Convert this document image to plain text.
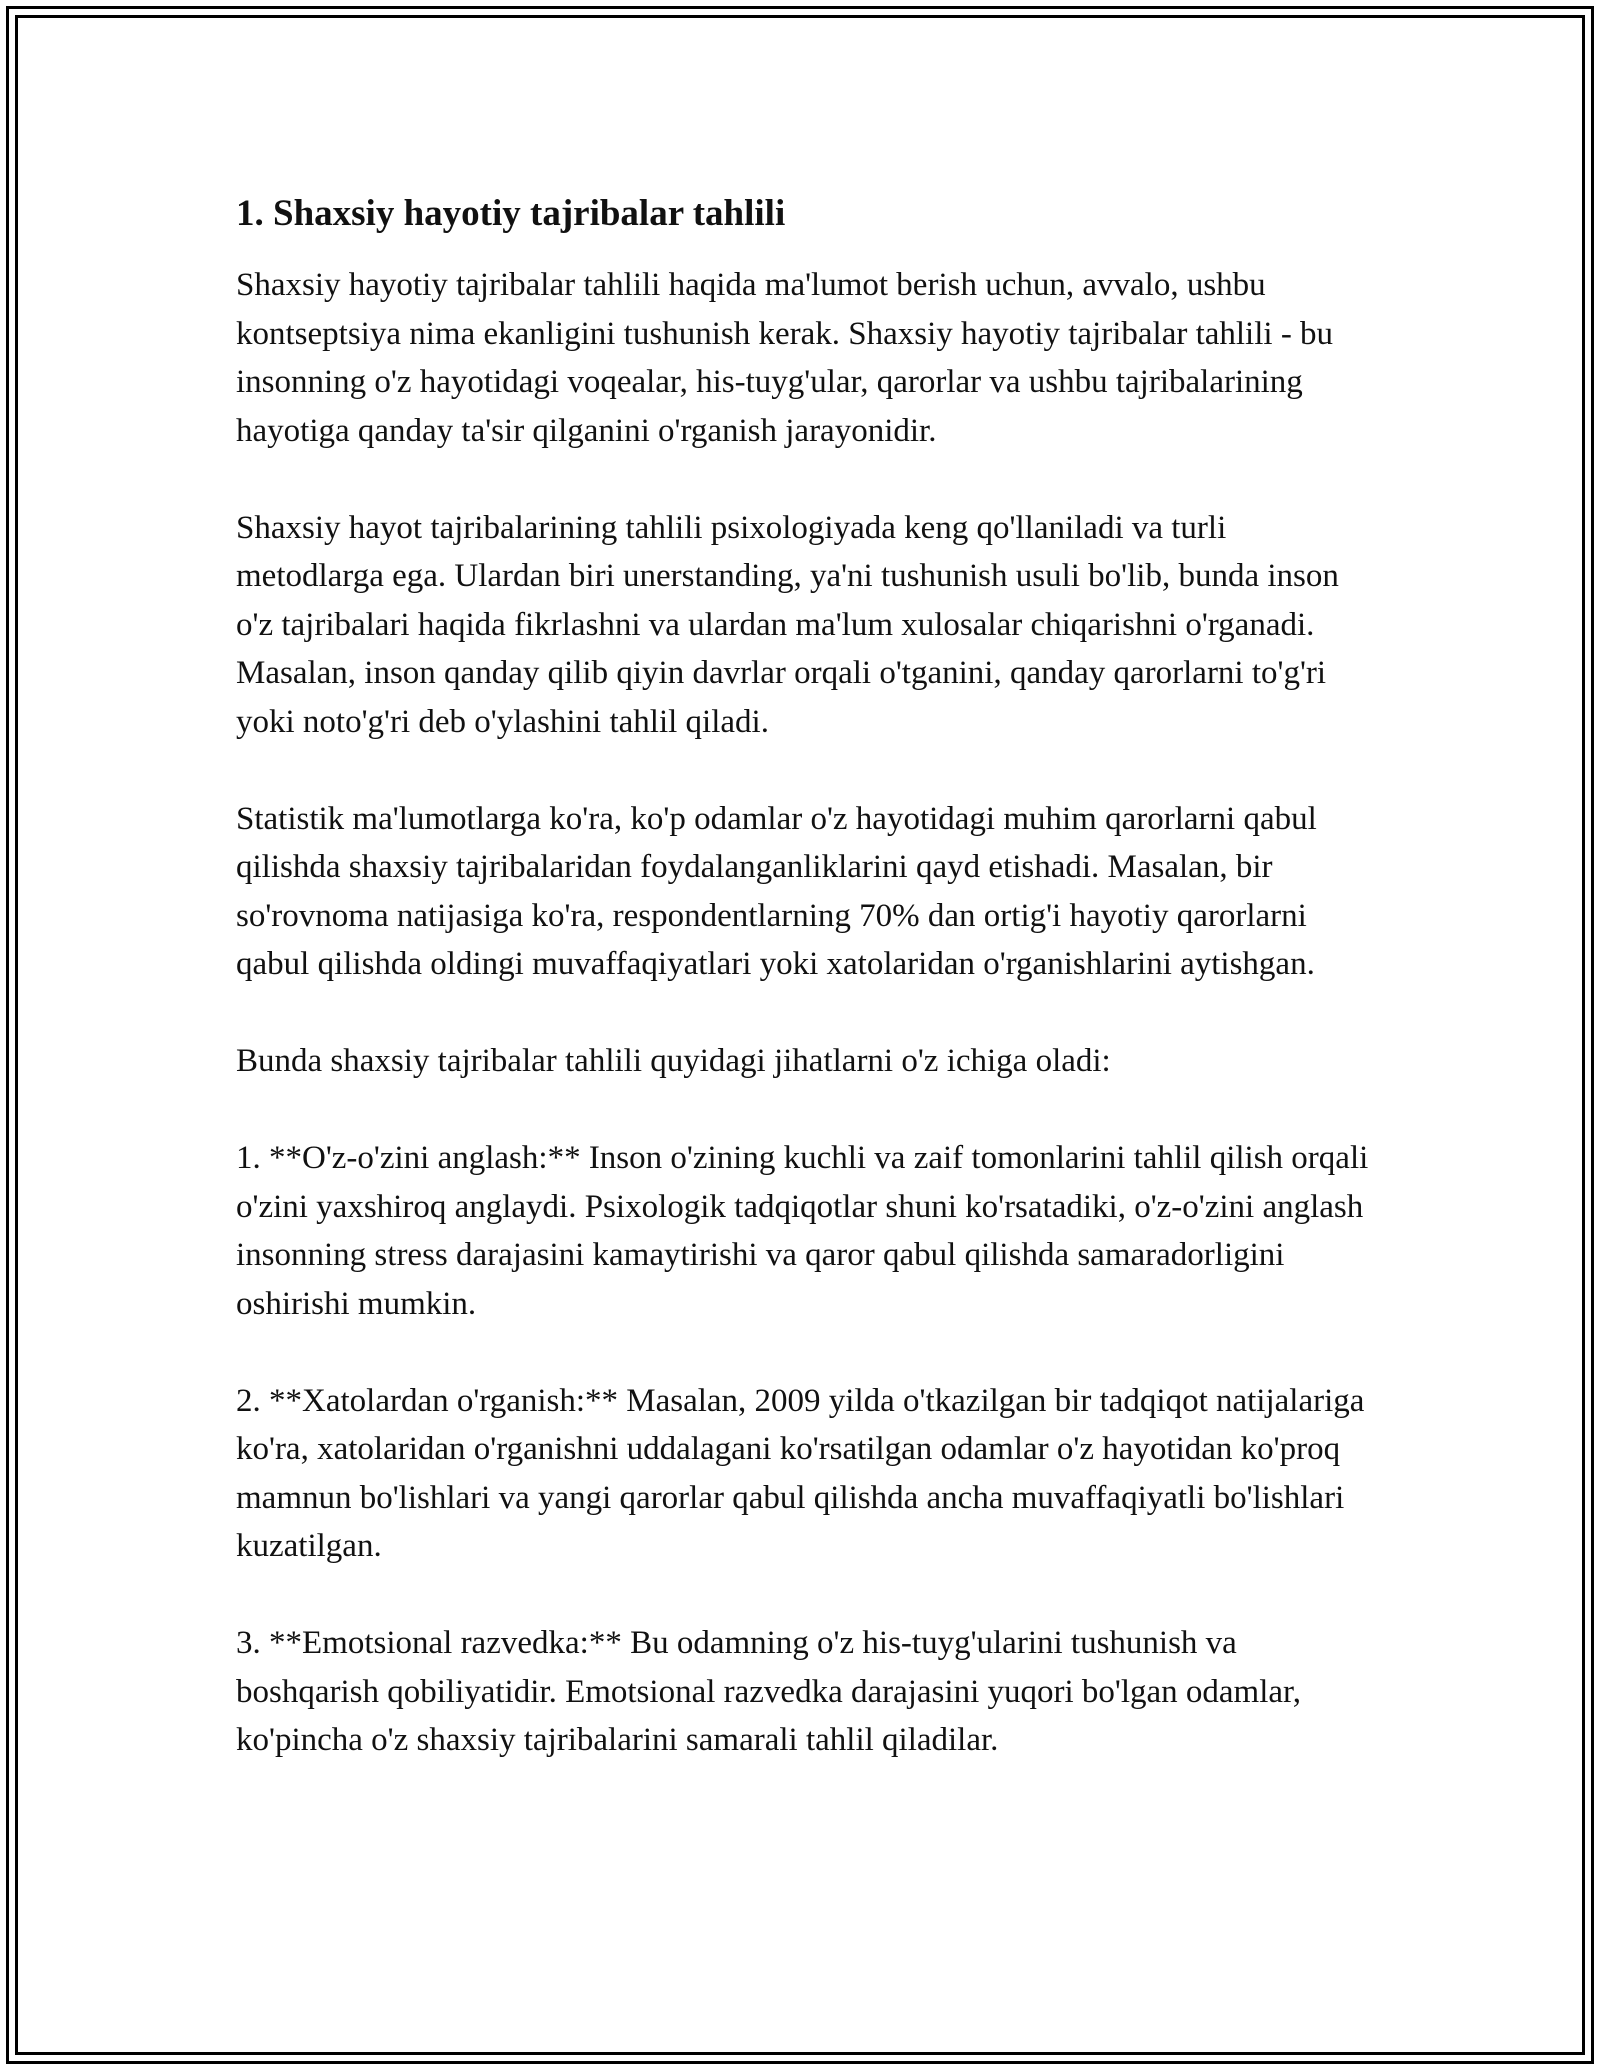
1. Shaxsiy hayotiy tajribalar tahlili

Shaxsiy hayotiy tajribalar tahlili haqida ma'lumot berish uchun, avvalo, ushbu kontseptsiya nima ekanligini tushunish kerak. Shaxsiy hayotiy tajribalar tahlili - bu insonning o'z hayotidagi voqealar, his-tuyg'ular, qarorlar va ushbu tajribalarining hayotiga qanday ta'sir qilganini o'rganish jarayonidir.

Shaxsiy hayot tajribalarining tahlili psixologiyada keng qo'llaniladi va turli metodlarga ega. Ulardan biri unerstanding, ya'ni tushunish usuli bo'lib, bunda inson o'z tajribalari haqida fikrlashni va ulardan ma'lum xulosalar chiqarishni o'rganadi. Masalan, inson qanday qilib qiyin davrlar orqali o'tganini, qanday qarorlarni to'g'ri yoki noto'g'ri deb o'ylashini tahlil qiladi.

Statistik ma'lumotlarga ko'ra, ko'p odamlar o'z hayotidagi muhim qarorlarni qabul qilishda shaxsiy tajribalaridan foydalanganliklarini qayd etishadi. Masalan, bir so'rovnoma natijasiga ko'ra, respondentlarning 70% dan ortig'i hayotiy qarorlarni qabul qilishda oldingi muvaffaqiyatlari yoki xatolaridan o'rganishlarini aytishgan.

Bunda shaxsiy tajribalar tahlili quyidagi jihatlarni o'z ichiga oladi:

1. **O'z-o'zini anglash:** Inson o'zining kuchli va zaif tomonlarini tahlil qilish orqali o'zini yaxshiroq anglaydi. Psixologik tadqiqotlar shuni ko'rsatadiki, o'z-o'zini anglash insonning stress darajasini kamaytirishi va qaror qabul qilishda samaradorligini oshirishi mumkin.

2. **Xatolardan o'rganish:** Masalan, 2009 yilda o'tkazilgan bir tadqiqot natijalariga ko'ra, xatolaridan o'rganishni uddalagani ko'rsatilgan odamlar o'z hayotidan ko'proq mamnun bo'lishlari va yangi qarorlar qabul qilishda ancha muvaffaqiyatli bo'lishlari kuzatilgan.

3. **Emotsional razvedka:** Bu odamning o'z his-tuyg'ularini tushunish va boshqarish qobiliyatidir. Emotsional razvedka darajasini yuqori bo'lgan odamlar, ko'pincha o'z shaxsiy tajribalarini samarali tahlil qiladilar.
